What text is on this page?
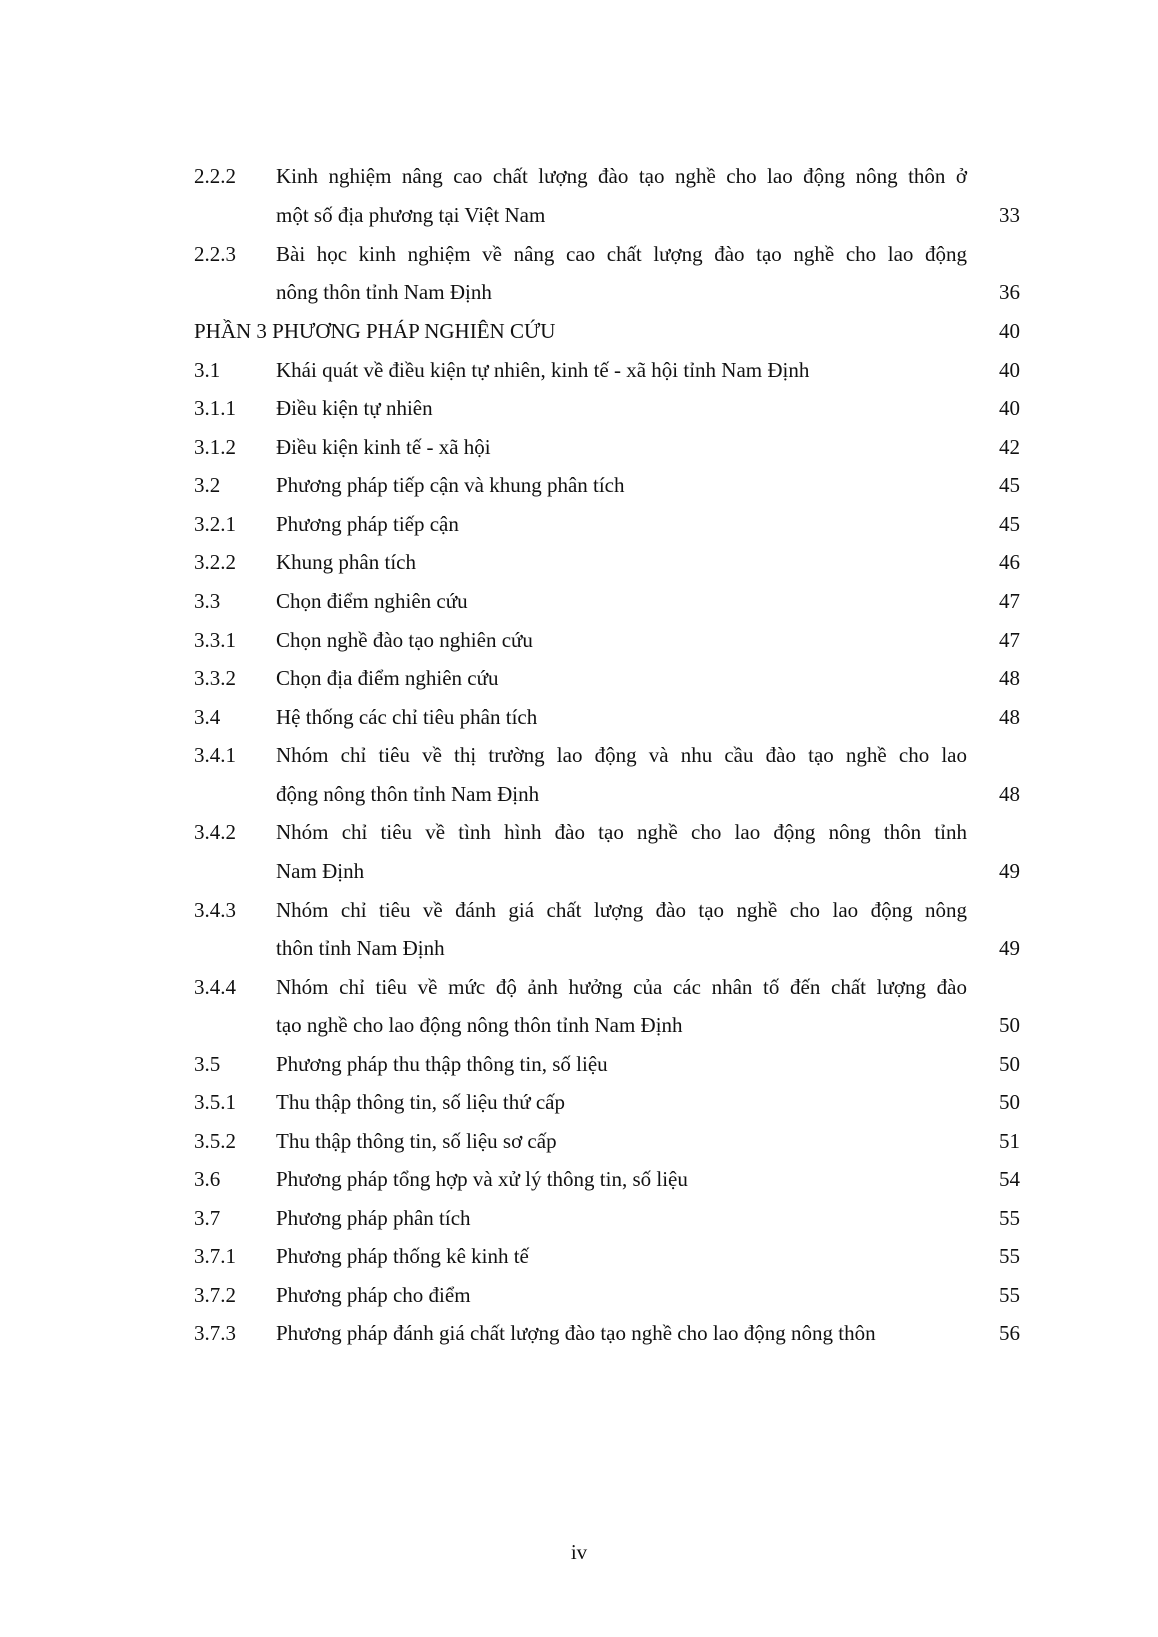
2.2.2 Kinh nghiệm nâng cao chất lượng đào tạo nghề cho lao động nông thôn ở
một số địa phương tại Việt Nam	33
2.2.3 Bài học kinh nghiệm về nâng cao chất lượng đào tạo nghề cho lao động
nông thôn tỉnh Nam Định	36
PHẦN 3 PHƯƠNG PHÁP NGHIÊN CỨU	40
3.1	Khái quát về điều kiện tự nhiên, kinh tế - xã hội tỉnh Nam Định	40
3.1.1 Điều kiện tự nhiên	40
3.1.2 Điều kiện kinh tế - xã hội	42
3.2	Phương pháp tiếp cận và khung phân tích	45
3.2.1 Phương pháp tiếp cận	45
3.2.2 Khung phân tích	46
3.3	Chọn điểm nghiên cứu	47
3.3.1 Chọn nghề đào tạo nghiên cứu	47
3.3.2 Chọn địa điểm nghiên cứu	48
3.4	Hệ thống các chỉ tiêu phân tích	48
3.4.1 Nhóm chỉ tiêu về thị trường lao động và nhu cầu đào tạo nghề cho lao
động nông thôn tỉnh Nam Định	48
3.4.2 Nhóm chỉ tiêu về tình hình đào tạo nghề cho lao động nông thôn tỉnh
Nam Định	49
3.4.3 Nhóm chỉ tiêu về đánh giá chất lượng đào tạo nghề cho lao động nông
thôn tỉnh Nam Định	49
3.4.4 Nhóm chỉ tiêu về mức độ ảnh hưởng của các nhân tố đến chất lượng đào
tạo nghề cho lao động nông thôn tỉnh Nam Định	50
3.5	Phương pháp thu thập thông tin, số liệu	50
3.5.1 Thu thập thông tin, số liệu thứ cấp	50
3.5.2 Thu thập thông tin, số liệu sơ cấp	51
3.6	Phương pháp tổng hợp và xử lý thông tin, số liệu	54
3.7	Phương pháp phân tích	55
3.7.1 Phương pháp thống kê kinh tế	55
3.7.2 Phương pháp cho điểm	55
3.7.3 Phương pháp đánh giá chất lượng đào tạo nghề cho lao động nông thôn	56
iv
